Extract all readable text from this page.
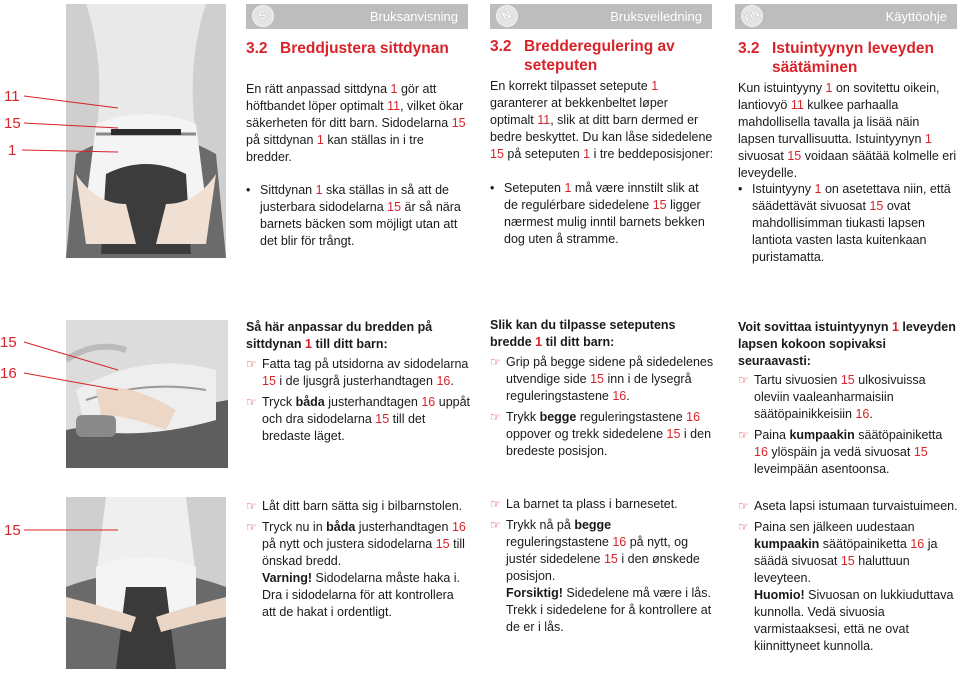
S	Bruksanvisning	N	Bruksveiledning	FIN	Käyttöohje
11
15
1
15
16
15
3.2 Breddjustera sittdynan
En rätt anpassad sittdyna 1 gör att höftbandet löper optimalt 11, vilket ökar säkerheten för ditt barn. Sidodelarna 15 på sittdynan 1 kan ställas in i tre bredder.
• Sittdynan 1 ska ställas in så att de justerbara sidodelarna 15 är så nära barnets bäcken som möjligt utan att det blir för trångt.
Så här anpassar du bredden på sittdynan 1 till ditt barn:
☞ Fatta tag på utsidorna av sidodelarna 15 i de ljusgrå justerhandtagen 16.
☞ Tryck båda justerhandtagen 16 uppåt och dra sidodelarna 15 till det bredaste läget.
☞ Låt ditt barn sätta sig i bilbarnstolen.
☞ Tryck nu in båda justerhandtagen 16 på nytt och justera sidodelarna 15 till önskad bredd.
Varning! Sidodelarna måste haka i. Dra i sidodelarna för att kontrollera att de hakat i ordentligt.
3.2 Bredderegulering av seteputen
En korrekt tilpasset setepute 1 garanterer at bekkenbeltet løper optimalt 11, slik at ditt barn dermed er bedre beskyttet. Du kan låse sidedelene 15 på seteputen 1 i tre beddeposisjoner:
• Seteputen 1 må være innstilt slik at de regulérbare sidedelene 15 ligger nærmest mulig inntil barnets bekken dog uten å stramme.
Slik kan du tilpasse seteputens bredde 1 til ditt barn:
☞ Grip på begge sidene på sidedelenes utvendige side 15 inn i de lysegrå reguleringstastene 16.
☞ Trykk begge reguleringstastene 16 oppover og trekk sidedelene 15 i den bredeste posisjon.
☞ La barnet ta plass i barnesetet.
☞ Trykk nå på begge reguleringstastene 16 på nytt, og justér sidedelene 15 i den ønskede posisjon.
Forsiktig! Sidedelene må være i lås. Trekk i sidedelene for å kontrollere at de er i lås.
3.2 Istuintyynyn leveyden säätäminen
Kun istuintyyny 1 on sovitettu oikein, lantiovyö 11 kulkee parhaalla mahdollisella tavalla ja lisää näin lapsen turvallisuutta. Istuintyynyn 1 sivuosat 15 voidaan säätää kolmelle eri leveydelle.
• Istuintyyny 1 on asetettava niin, että säädettävät sivuosat 15 ovat mahdollisimman tiukasti lapsen lantiota vasten lasta kuitenkaan puristamatta.
Voit sovittaa istuintyynyn 1 leveyden lapsen kokoon sopivaksi seuraavasti:
☞ Tartu sivuosien 15 ulkosivuissa oleviin vaaleanharmaisiin säätöpainikkeisiin 16.
☞ Paina kumpaakin säätöpainiketta 16 ylöspäin ja vedä sivuosat 15 leveimpään asentoonsa.
☞ Aseta lapsi istumaan turvaistuimeen.
☞ Paina sen jälkeen uudestaan kumpaakin säätöpainiketta 16 ja säädä sivuosat 15 haluttuun leveyteen.
Huomio! Sivuosan on lukkiuduttava kunnolla. Vedä sivuosia varmistaaksesi, että ne ovat kiinnittyneet kunnolla.
